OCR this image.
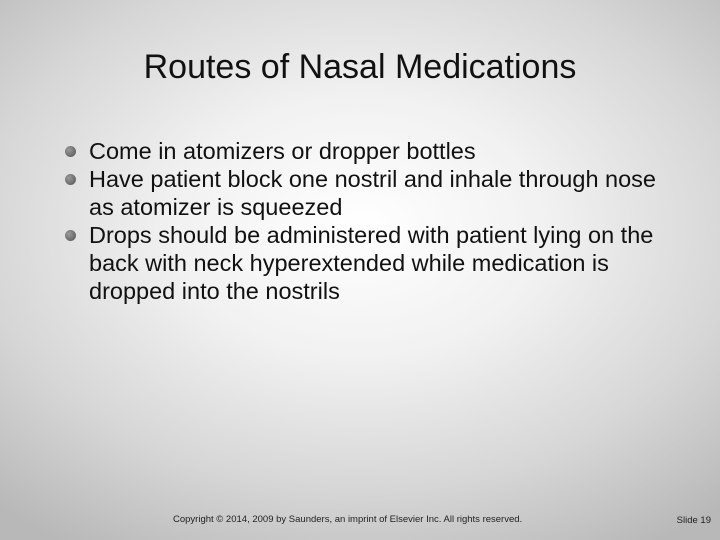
Routes of Nasal Medications
Come in atomizers or dropper bottles
Have patient block one nostril and inhale through nose as atomizer is squeezed
Drops should be administered with patient lying on the back with neck hyperextended while medication is dropped into the nostrils
Copyright © 2014, 2009 by Saunders, an imprint of Elsevier Inc. All rights reserved.	Slide 19
